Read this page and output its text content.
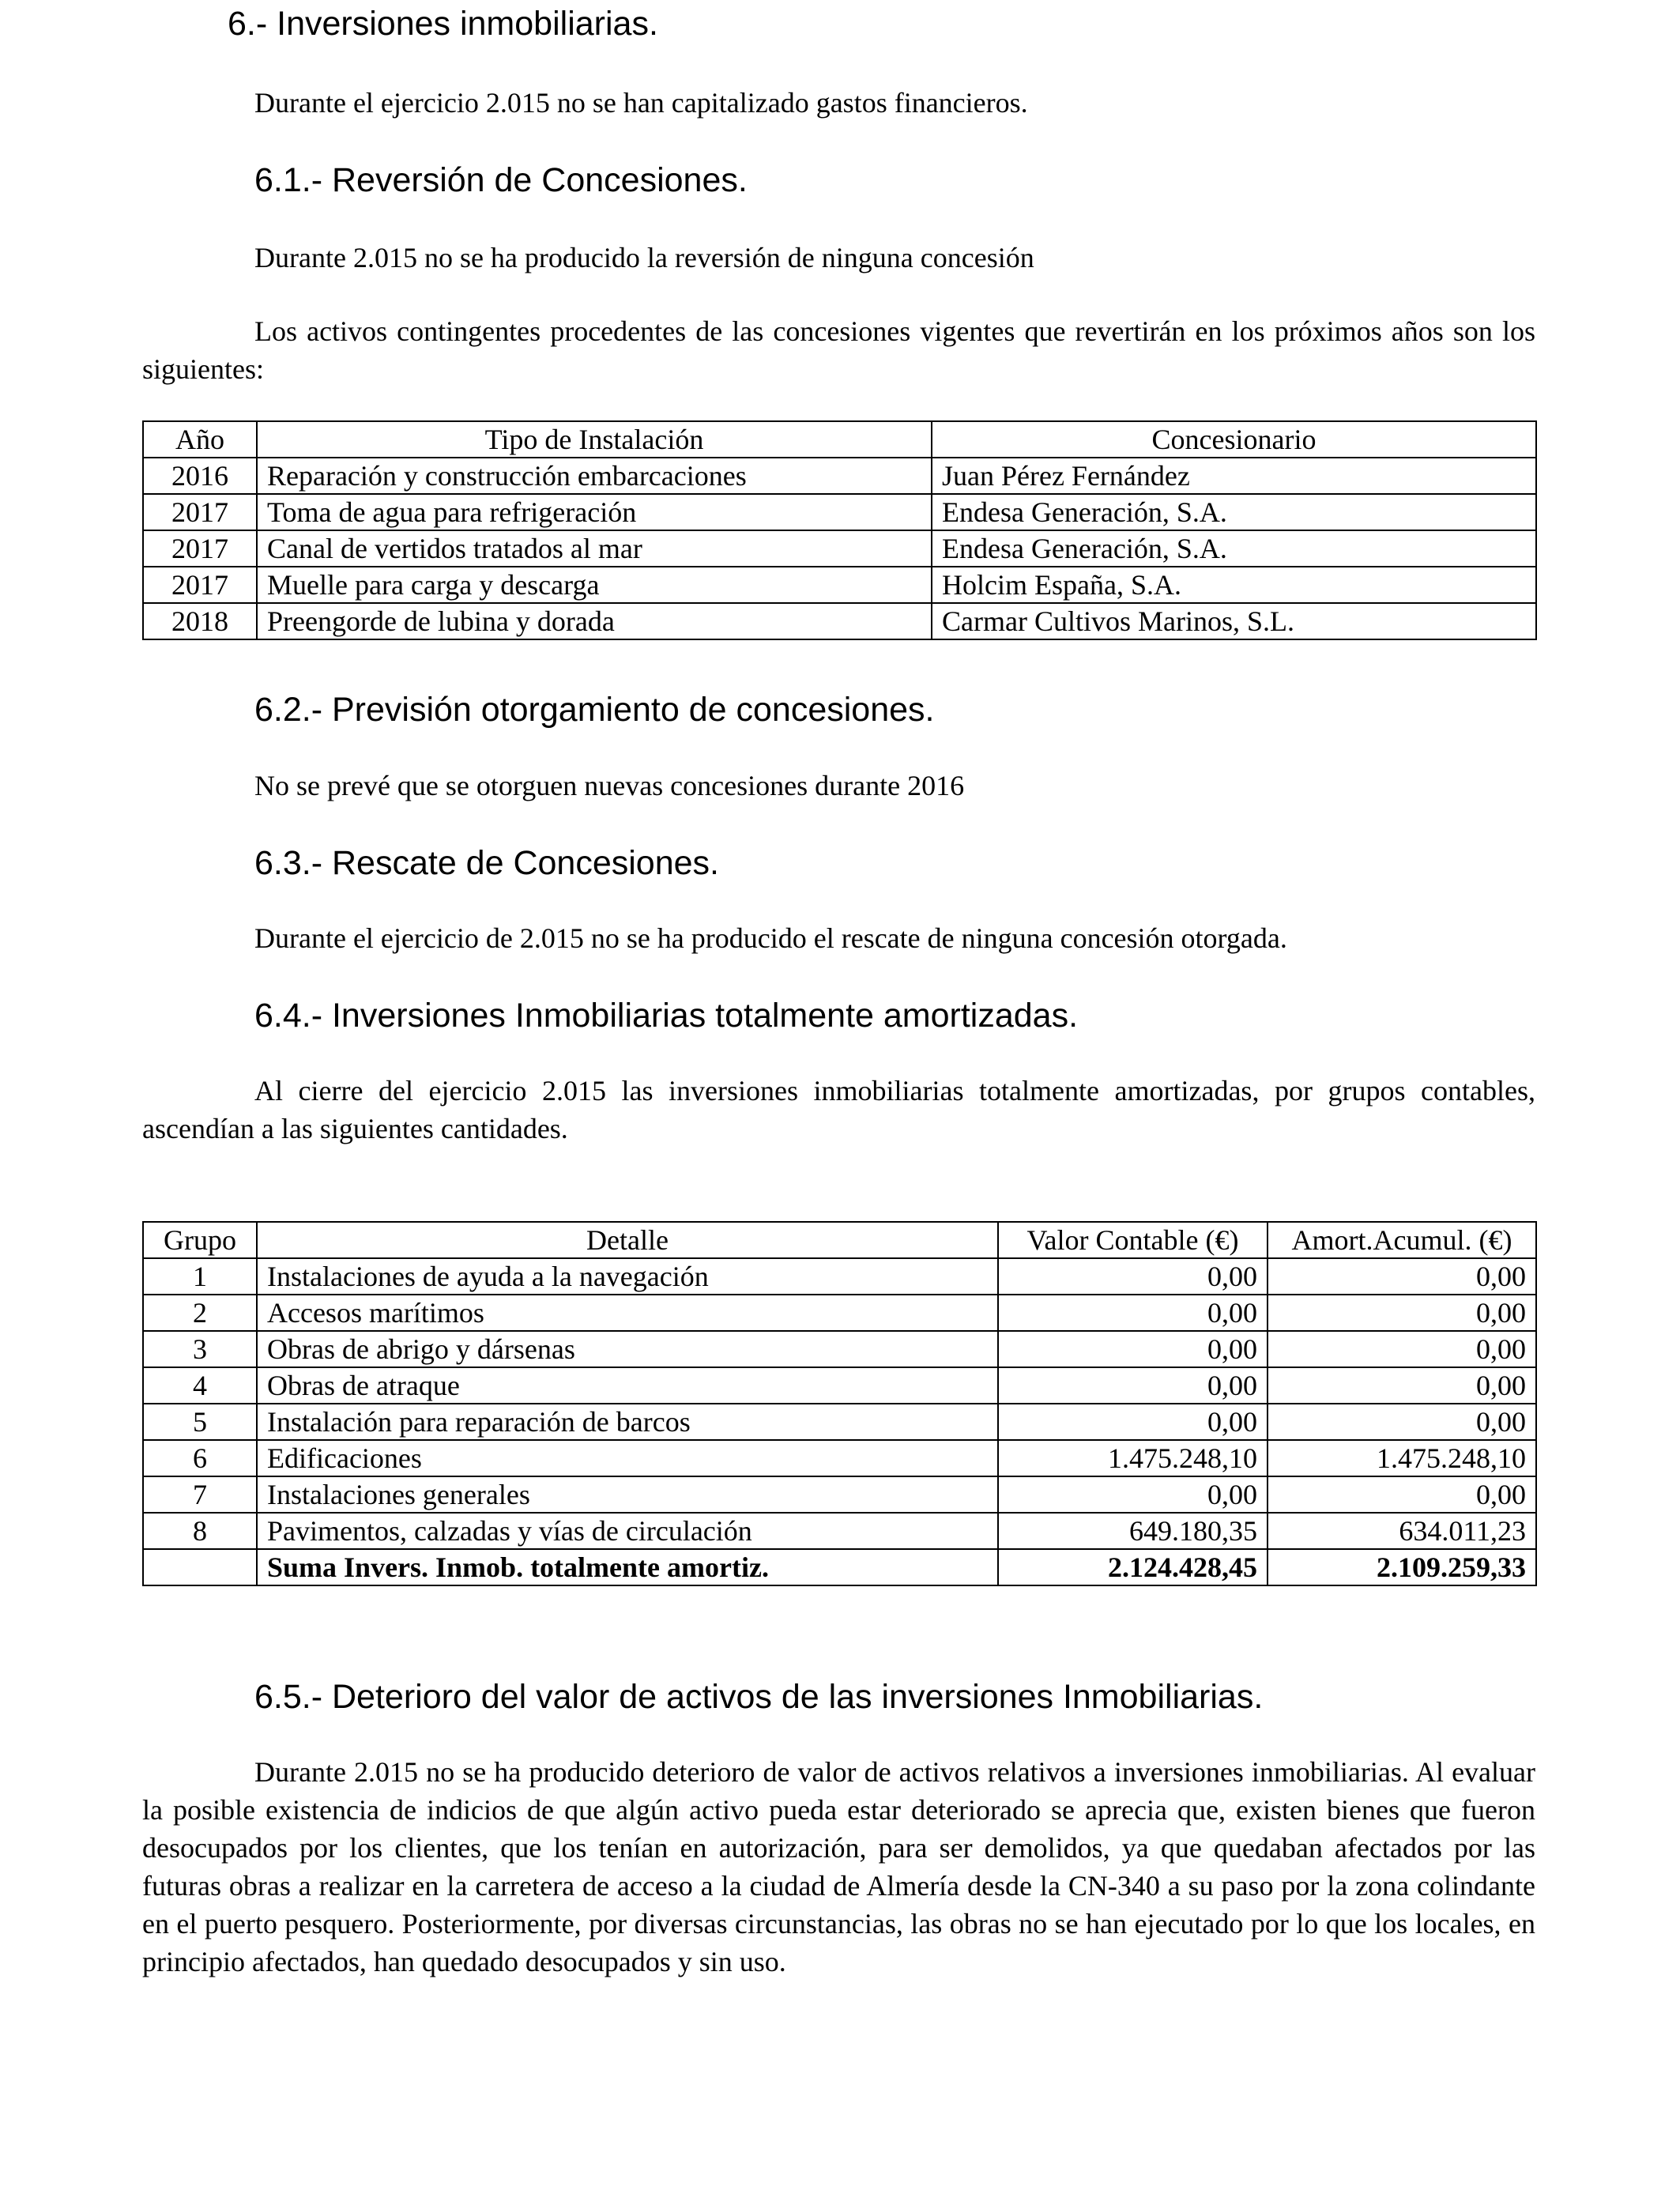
6.- Inversiones inmobiliarias.

Durante el ejercicio 2.015 no se han capitalizado gastos financieros.

6.1.- Reversión de Concesiones.

Durante 2.015 no se ha producido la reversión de ninguna concesión

Los activos contingentes procedentes de las concesiones vigentes que revertirán en los próximos años son los siguientes:

Año	Tipo de Instalación	Concesionario
2016	Reparación y construcción embarcaciones	Juan Pérez Fernández
2017	Toma de agua para refrigeración	Endesa Generación, S.A.
2017	Canal de vertidos tratados al mar	Endesa Generación, S.A.
2017	Muelle para carga y descarga	Holcim España, S.A.
2018	Preengorde de lubina y dorada	Carmar Cultivos Marinos, S.L.
6.2.- Previsión otorgamiento de concesiones.

No se prevé que se otorguen nuevas concesiones durante 2016

6.3.- Rescate de Concesiones.

Durante el ejercicio de 2.015 no se ha producido el rescate de ninguna concesión otorgada.

6.4.- Inversiones Inmobiliarias totalmente amortizadas.

Al cierre del ejercicio 2.015 las inversiones inmobiliarias totalmente amortizadas, por grupos contables, ascendían a las siguientes cantidades.

Grupo	Detalle	Valor Contable (€)	Amort.Acumul. (€)
1	Instalaciones de ayuda a la navegación	0,00	0,00
2	Accesos marítimos	0,00	0,00
3	Obras de abrigo y dársenas	0,00	0,00
4	Obras de atraque	0,00	0,00
5	Instalación para reparación de barcos	0,00	0,00
6	Edificaciones	1.475.248,10	1.475.248,10
7	Instalaciones generales	0,00	0,00
8	Pavimentos, calzadas y vías de circulación	649.180,35	634.011,23
	Suma Invers. Inmob. totalmente amortiz.	2.124.428,45	2.109.259,33
6.5.- Deterioro del valor de activos de las inversiones Inmobiliarias.

Durante 2.015 no se ha producido deterioro de valor de activos relativos a inversiones inmobiliarias. Al evaluar la posible existencia de indicios de que algún activo pueda estar deteriorado se aprecia que, existen bienes que fueron desocupados por los clientes, que los tenían en autorización, para ser demolidos, ya que quedaban afectados por las futuras obras a realizar en la carretera de acceso a la ciudad de Almería desde la CN-340 a su paso por la zona colindante en el puerto pesquero. Posteriormente, por diversas circunstancias, las obras no se han ejecutado por lo que los locales, en principio afectados, han quedado desocupados y sin uso.
